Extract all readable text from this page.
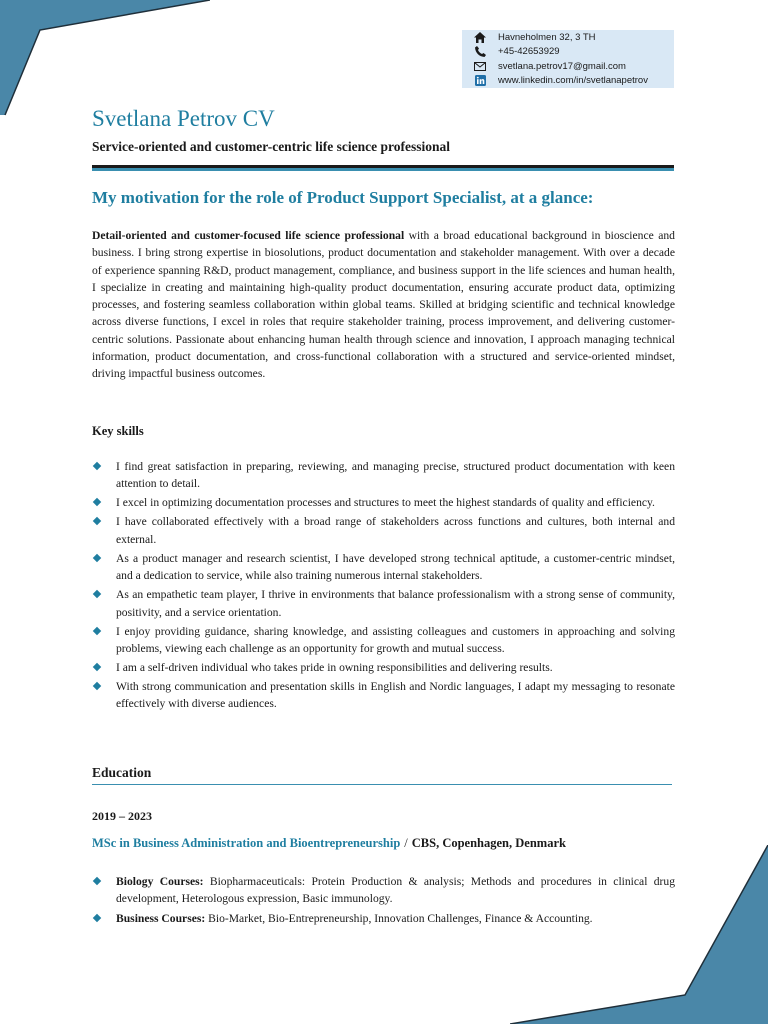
Havneholmen 32, 3 TH
+45-42653929
svetlana.petrov17@gmail.com
www.linkedin.com/in/svetlanapetrov
Svetlana Petrov CV

Service-oriented and customer-centric life science professional

My motivation for the role of Product Support Specialist, at a glance:

Detail-oriented and customer-focused life science professional with a broad educational background in bioscience and business. I bring strong expertise in biosolutions, product documentation and stakeholder management. With over a decade of experience spanning R&D, product management, compliance, and business support in the life sciences and human health, I specialize in creating and maintaining high-quality product documentation, ensuring accurate product data, optimizing processes, and fostering seamless collaboration within global teams. Skilled at bridging scientific and technical knowledge across diverse functions, I excel in roles that require stakeholder training, process improvement, and delivering customer-centric solutions. Passionate about enhancing human health through science and innovation, I approach managing technical information, product documentation, and cross-functional collaboration with a structured and service-oriented mindset, driving impactful business outcomes.

Key skills
I find great satisfaction in preparing, reviewing, and managing precise, structured product documentation with keen attention to detail.
I excel in optimizing documentation processes and structures to meet the highest standards of quality and efficiency.
I have collaborated effectively with a broad range of stakeholders across functions and cultures, both internal and external.
As a product manager and research scientist, I have developed strong technical aptitude, a customer-centric mindset, and a dedication to service, while also training numerous internal stakeholders.
As an empathetic team player, I thrive in environments that balance professionalism with a strong sense of community, positivity, and a service orientation.
I enjoy providing guidance, sharing knowledge, and assisting colleagues and customers in approaching and solving problems, viewing each challenge as an opportunity for growth and mutual success.
I am a self-driven individual who takes pride in owning responsibilities and delivering results.
With strong communication and presentation skills in English and Nordic languages, I adapt my messaging to resonate effectively with diverse audiences.
Education

2019 – 2023

MSc in Business Administration and Bioentrepreneurship / CBS, Copenhagen, Denmark

Biology Courses: Biopharmaceuticals: Protein Production & analysis; Methods and procedures in clinical drug development, Heterologous expression, Basic immunology.
Business Courses: Bio-Market, Bio-Entrepreneurship, Innovation Challenges, Finance & Accounting.
